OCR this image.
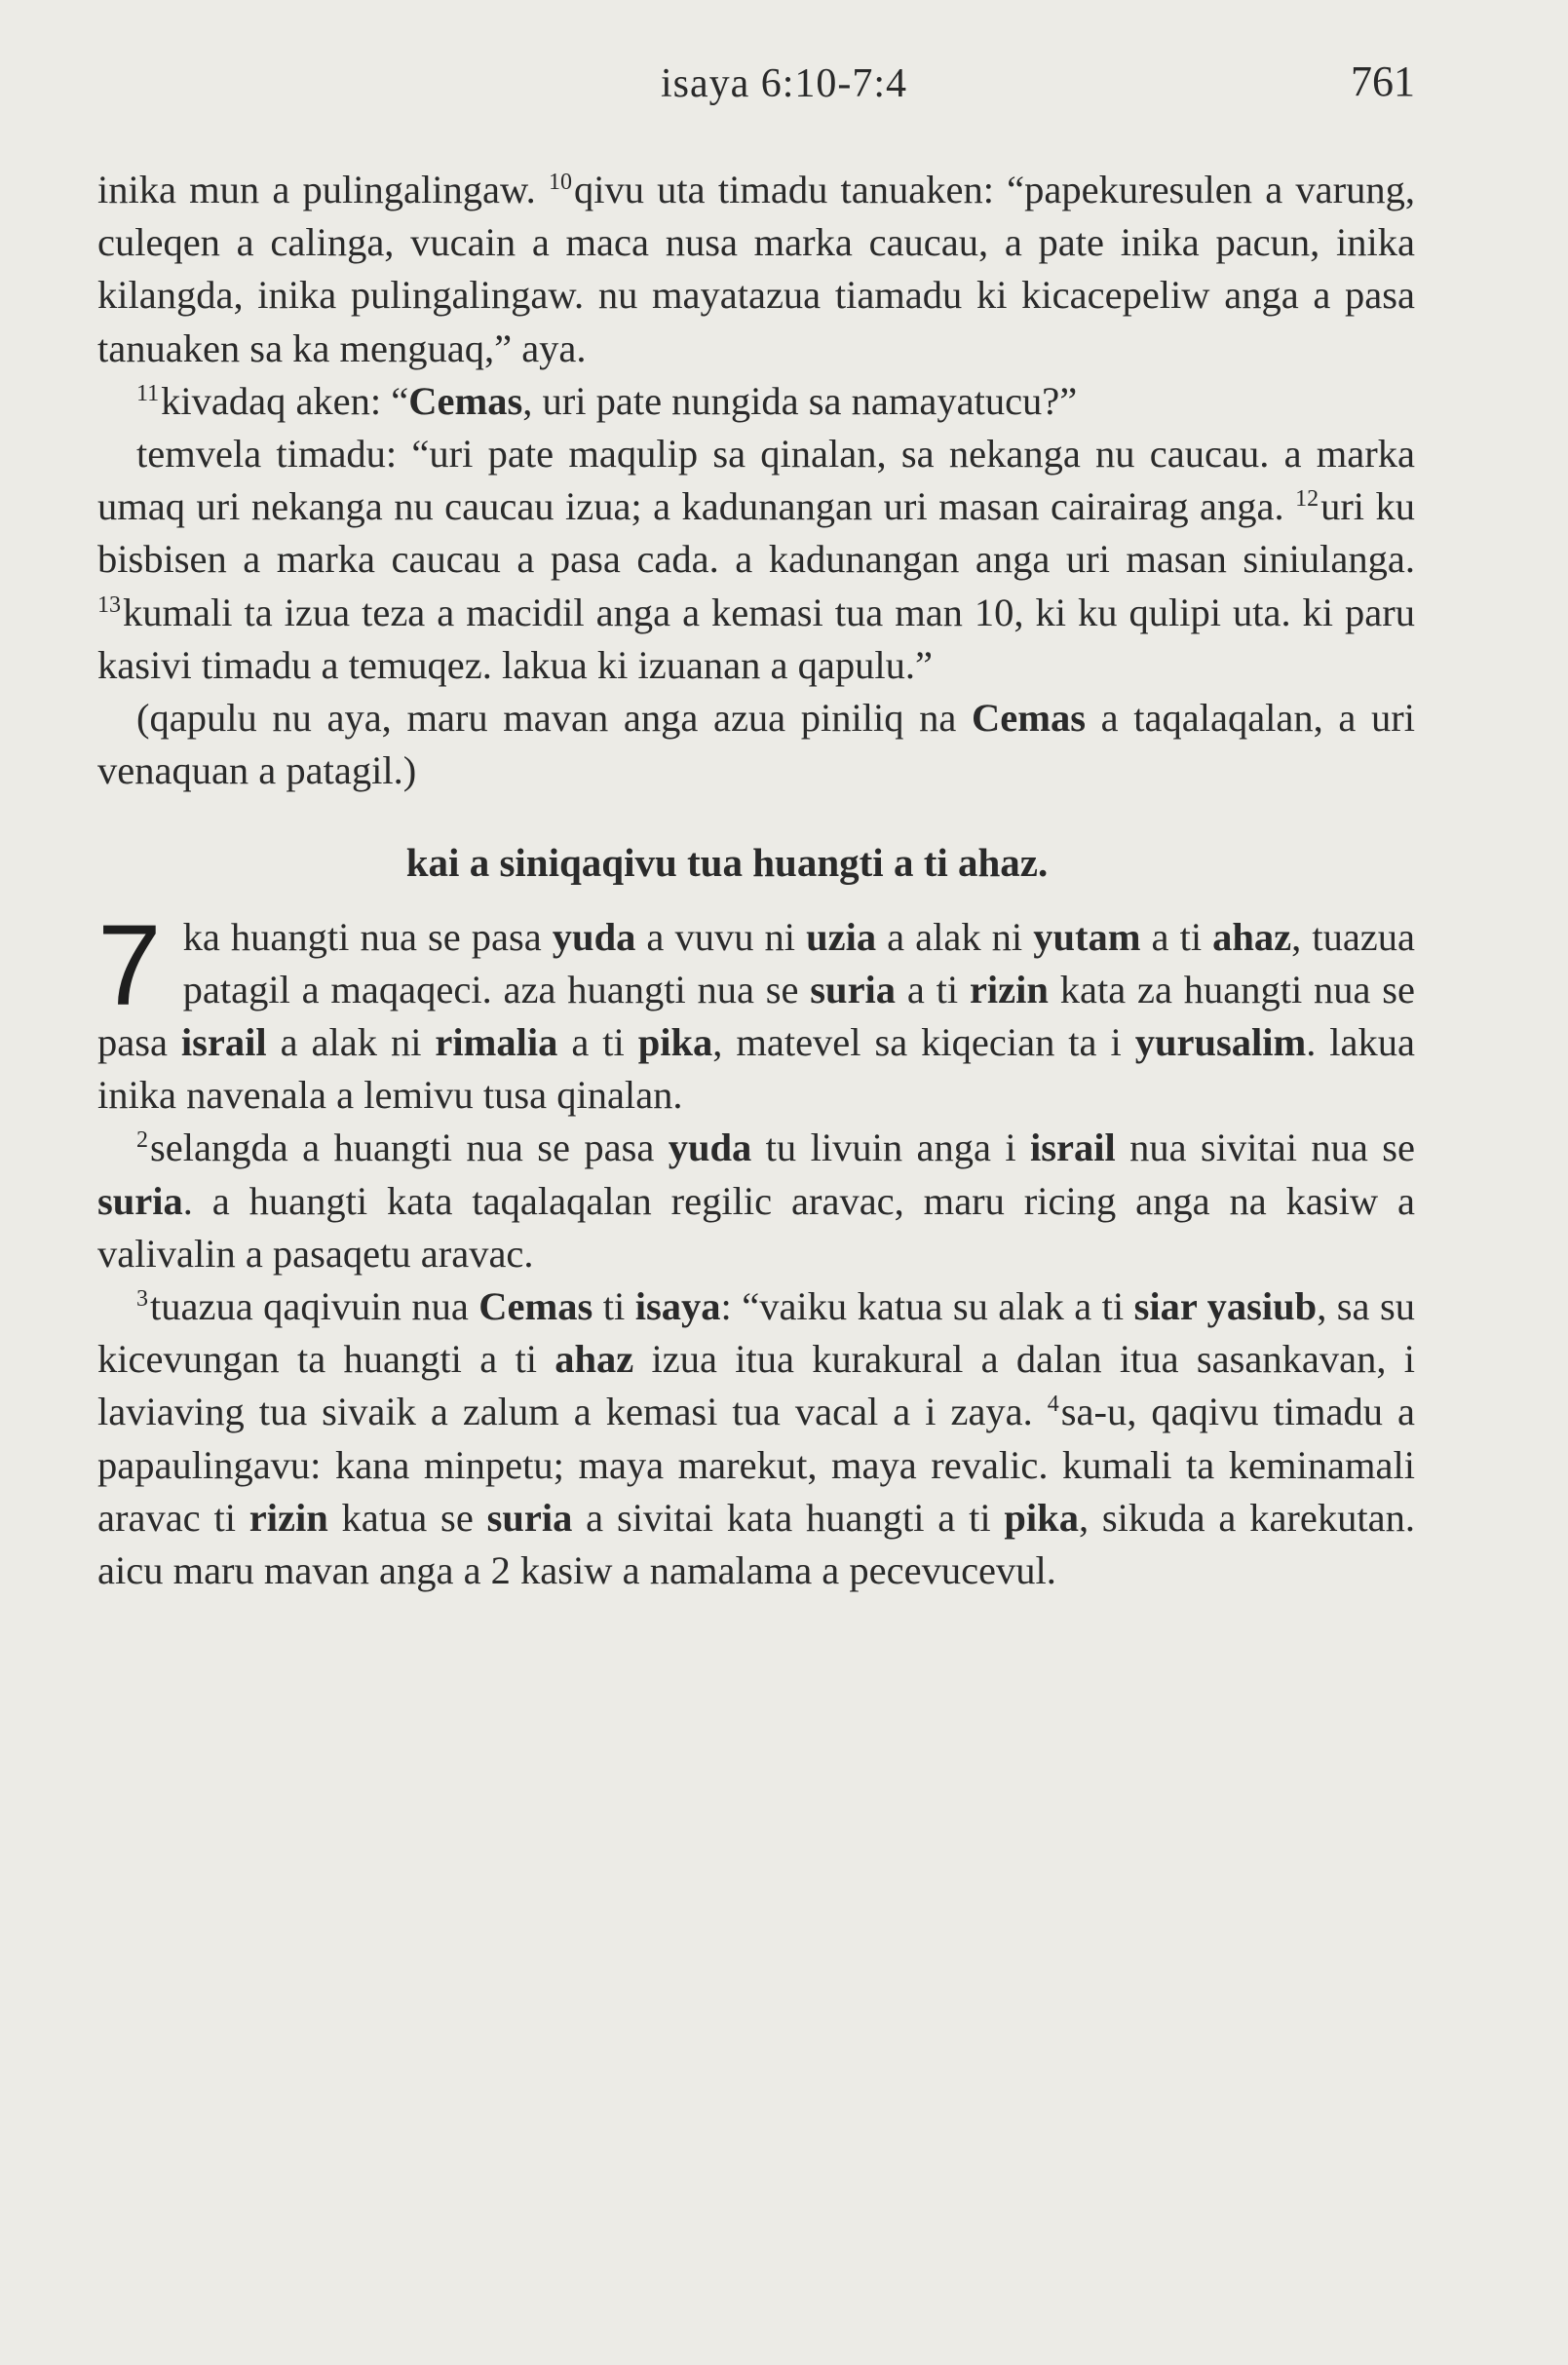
isaya 6:10-7:4	761

inika mun a pulingalingaw. $^{10}$qivu uta timadu tanuaken: “papekuresulen a varung, culeqen a calinga, vucain a maca nusa marka caucau, a pate inika pacun, inika kilangda, inika pulingalingaw. nu mayatazua tiamadu ki kicacepeliw anga a pasa tanuaken sa ka menguaq,” aya.

$^{11}$kivadaq aken: “Cemas, uri pate nungida sa namayatucu?”

temvela timadu: “uri pate maqulip sa qinalan, sa nekanga nu caucau. a marka umaq uri nekanga nu caucau izua; a kadunangan uri masan cairairag anga. $^{12}$uri ku bisbisen a marka caucau a pasa cada. a kadunangan anga uri masan siniulanga. $^{13}$kumali ta izua teza a macidil anga a kemasi tua man 10, ki ku qulipi uta. ki paru kasivi timadu a temuqez. lakua ki izuanan a qapulu.”

(qapulu nu aya, maru mavan anga azua piniliq na Cemas a taqalaqalan, a uri venaquan a patagil.)

kai a siniqaqivu tua huangti a ti ahaz.

7 ka huangti nua se pasa yuda a vuvu ni uzia a alak ni yutam a ti ahaz, tuazua patagil a maqaqeci. aza huangti nua se suria a ti rizin kata za huangti nua se pasa israil a alak ni rimalia a ti pika, matevel sa kiqecian ta i yurusalim. lakua inika navenala a lemivu tusa qinalan.

$^2$selangda a huangti nua se pasa yuda tu livuin anga i israil nua sivitai nua se suria. a huangti kata taqalaqalan regilic aravac, maru ricing anga na kasiw a valivalin a pasaqetu aravac.

$^3$tuazua qaqivuin nua Cemas ti isaya: “vaiku katua su alak a ti siar yasiub, sa su kicevungan ta huangti a ti ahaz izua itua kurakural a dalan itua sasankavan, i laviaving tua sivaik a zalum a kemasi tua vacal a i zaya. $^4$sa-u, qaqivu timadu a papaulingavu: kana minpetu; maya marekut, maya revalic. kumali ta keminamali aravac ti rizin katua se suria a sivitai kata huangti a ti pika, sikuda a karekutan. aicu maru mavan anga a 2 kasiw a namalama a pecevucevul.
